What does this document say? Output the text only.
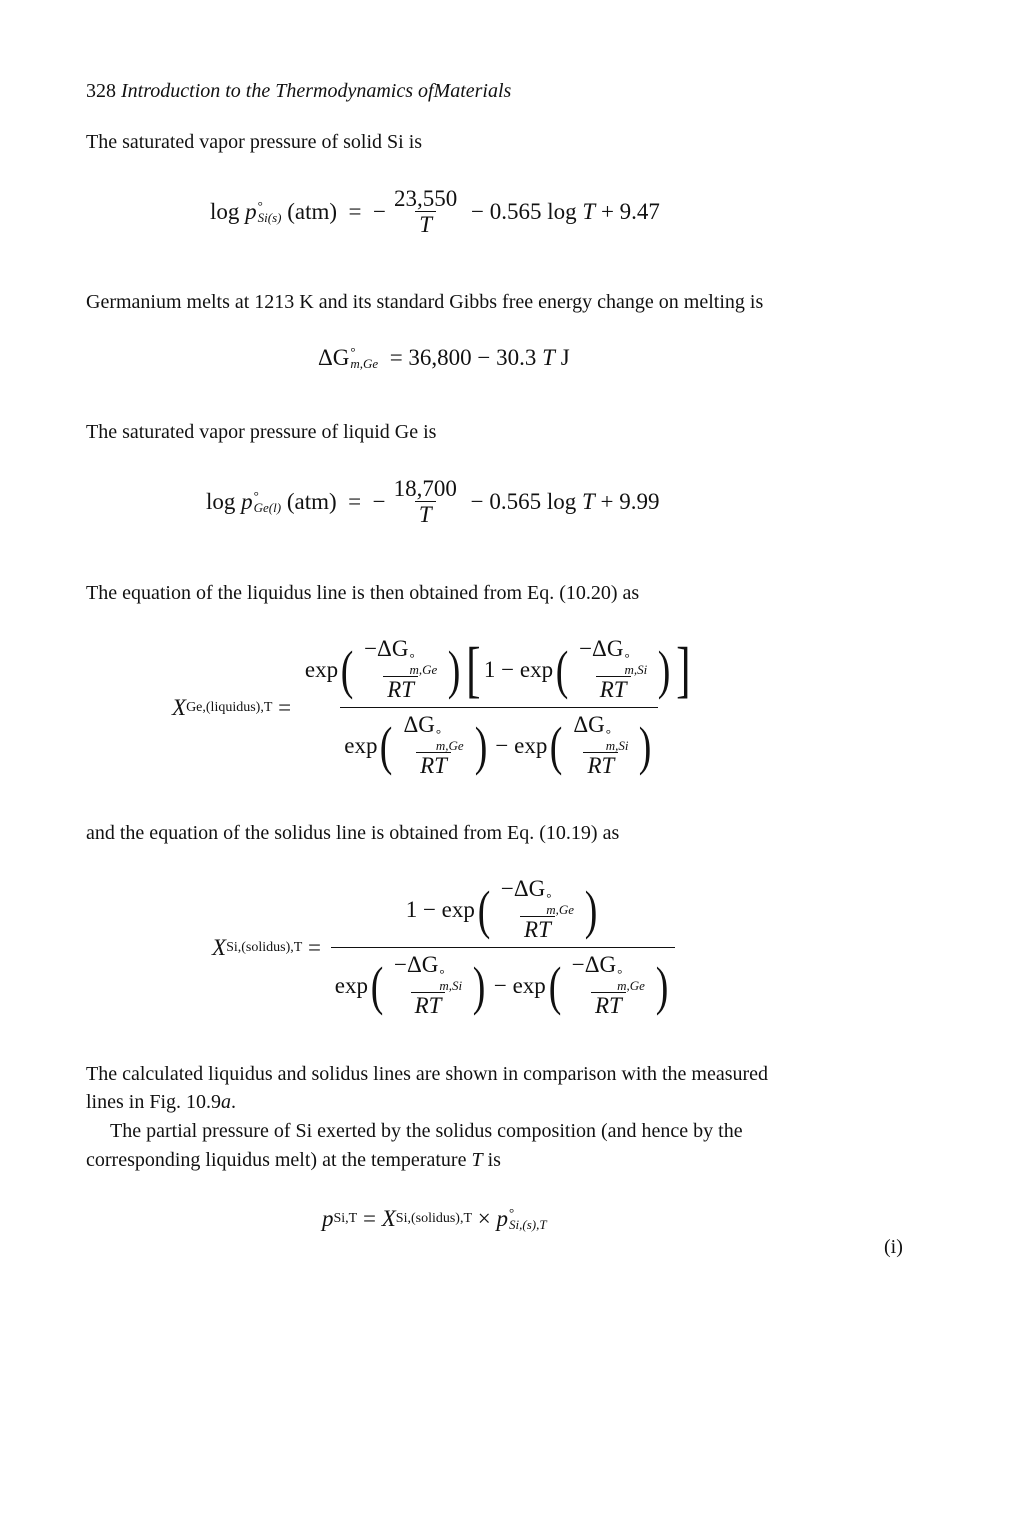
328 Introduction to the Thermodynamics ofMaterials
The saturated vapor pressure of solid Si is
log
p °
Si(s)
(atm)
=
− $\frac{23,550}{T}$
− 0.565 log
T
+ 9.47
Germanium melts at 1213 K and its standard Gibbs free energy change on melting is
ΔG °
m,Ge
= 36,800 − 30.3
T
J
The saturated vapor pressure of liquid Ge is
log
p °
Ge(l)
(atm)
=
− $\frac{18,700}{T}$
− 0.565 log
T
+ 9.99
The equation of the liquidus line is then obtained from Eq. (10.20) as
X Ge,(liquidus),T
=
exp ( −ΔG °
m,Ge
RT ) [ 1 − exp ( −ΔG °
m,Si
RT ) ]
exp ( ΔG °
m,Ge
RT )
−
exp ( ΔG °
m,Si
RT )
and the equation of the solidus line is obtained from Eq. (10.19) as
X Si,(solidus),T
=
1 − exp ( −ΔG °
m,Ge
RT )
exp ( −ΔG °
m,Si
RT )
−
exp ( −ΔG °
m,Ge
RT )
The calculated liquidus and solidus lines are shown in comparison with the measured
lines in Fig. 10.9a.
The partial pressure of Si exerted by the solidus composition (and hence by the
corresponding liquidus melt) at the temperature T is
p Si,T
=
X Si,(solidus),T
×
p °
Si,(s),T
(i)
